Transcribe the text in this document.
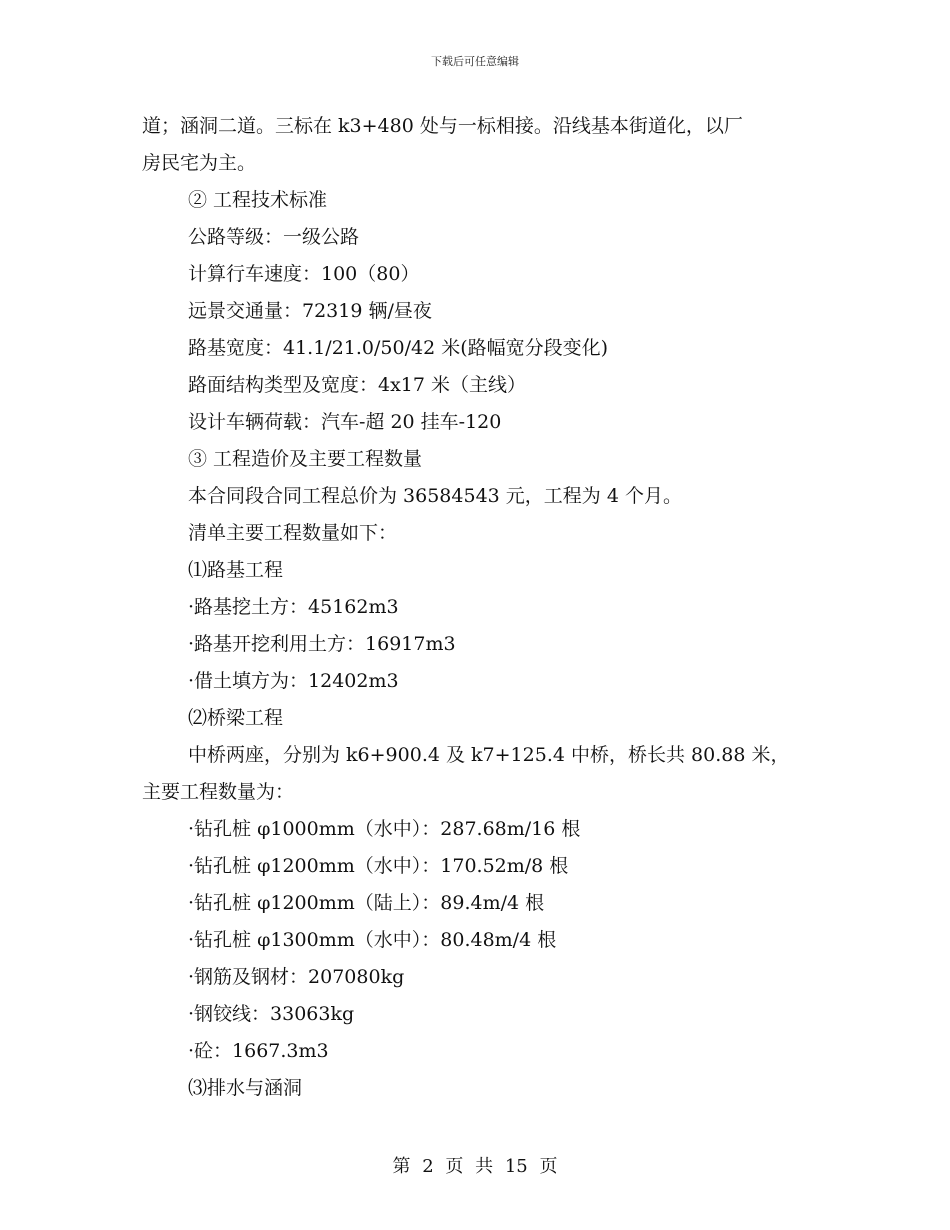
下载后可任意编辑
道；涵洞二道。三标在 k3+480 处与一标相接。沿线基本街道化，以厂
房民宅为主。
② 工程技术标准
公路等级：一级公路
计算行车速度：100（80）
远景交通量：72319 辆/昼夜
路基宽度：41.1/21.0/50/42 米(路幅宽分段变化)
路面结构类型及宽度：4x17 米（主线）
设计车辆荷载：汽车-超 20 挂车-120
③ 工程造价及主要工程数量
本合同段合同工程总价为 36584543 元，工程为 4 个月。
清单主要工程数量如下：
⑴路基工程
·路基挖土方：45162m3
·路基开挖利用土方：16917m3
·借土填方为：12402m3
⑵桥梁工程
中桥两座，分别为 k6+900.4 及 k7+125.4 中桥，桥长共 80.88 米，
主要工程数量为：
·钻孔桩 φ1000mm（水中）：287.68m/16 根
·钻孔桩 φ1200mm（水中）：170.52m/8 根
·钻孔桩 φ1200mm（陆上）：89.4m/4 根
·钻孔桩 φ1300mm（水中）：80.48m/4 根
·钢筋及钢材：207080kg
·钢铰线：33063kg
·砼：1667.3m3
⑶排水与涵洞
第 2 页 共 15 页
